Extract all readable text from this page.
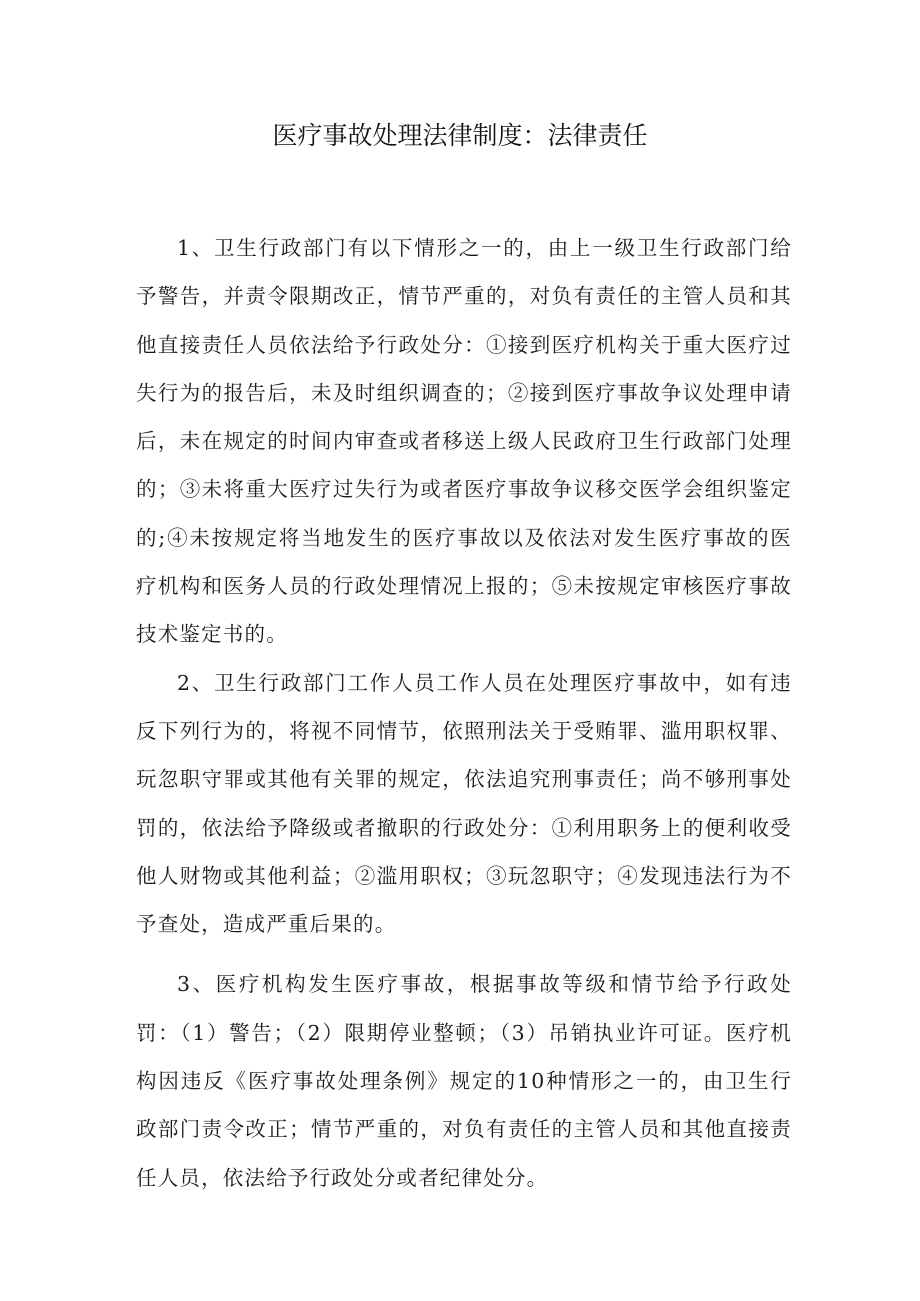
医疗事故处理法律制度：法律责任

1、卫生行政部门有以下情形之一的，由上一级卫生行政部门给予警告，并责令限期改正，情节严重的，对负有责任的主管人员和其他直接责任人员依法给予行政处分：①接到医疗机构关于重大医疗过失行为的报告后，未及时组织调查的；②接到医疗事故争议处理申请后，未在规定的时间内审查或者移送上级人民政府卫生行政部门处理的；③未将重大医疗过失行为或者医疗事故争议移交医学会组织鉴定的;④未按规定将当地发生的医疗事故以及依法对发生医疗事故的医疗机构和医务人员的行政处理情况上报的；⑤未按规定审核医疗事故技术鉴定书的。

2、卫生行政部门工作人员工作人员在处理医疗事故中，如有违反下列行为的，将视不同情节，依照刑法关于受贿罪、滥用职权罪、玩忽职守罪或其他有关罪的规定，依法追究刑事责任；尚不够刑事处罚的，依法给予降级或者撤职的行政处分：①利用职务上的便利收受他人财物或其他利益；②滥用职权；③玩忽职守；④发现违法行为不予查处，造成严重后果的。

3、医疗机构发生医疗事故，根据事故等级和情节给予行政处罚：（1）警告；（2）限期停业整顿；（3）吊销执业许可证。医疗机构因违反《医疗事故处理条例》规定的10种情形之一的，由卫生行政部门责令改正；情节严重的，对负有责任的主管人员和其他直接责任人员，依法给予行政处分或者纪律处分。
